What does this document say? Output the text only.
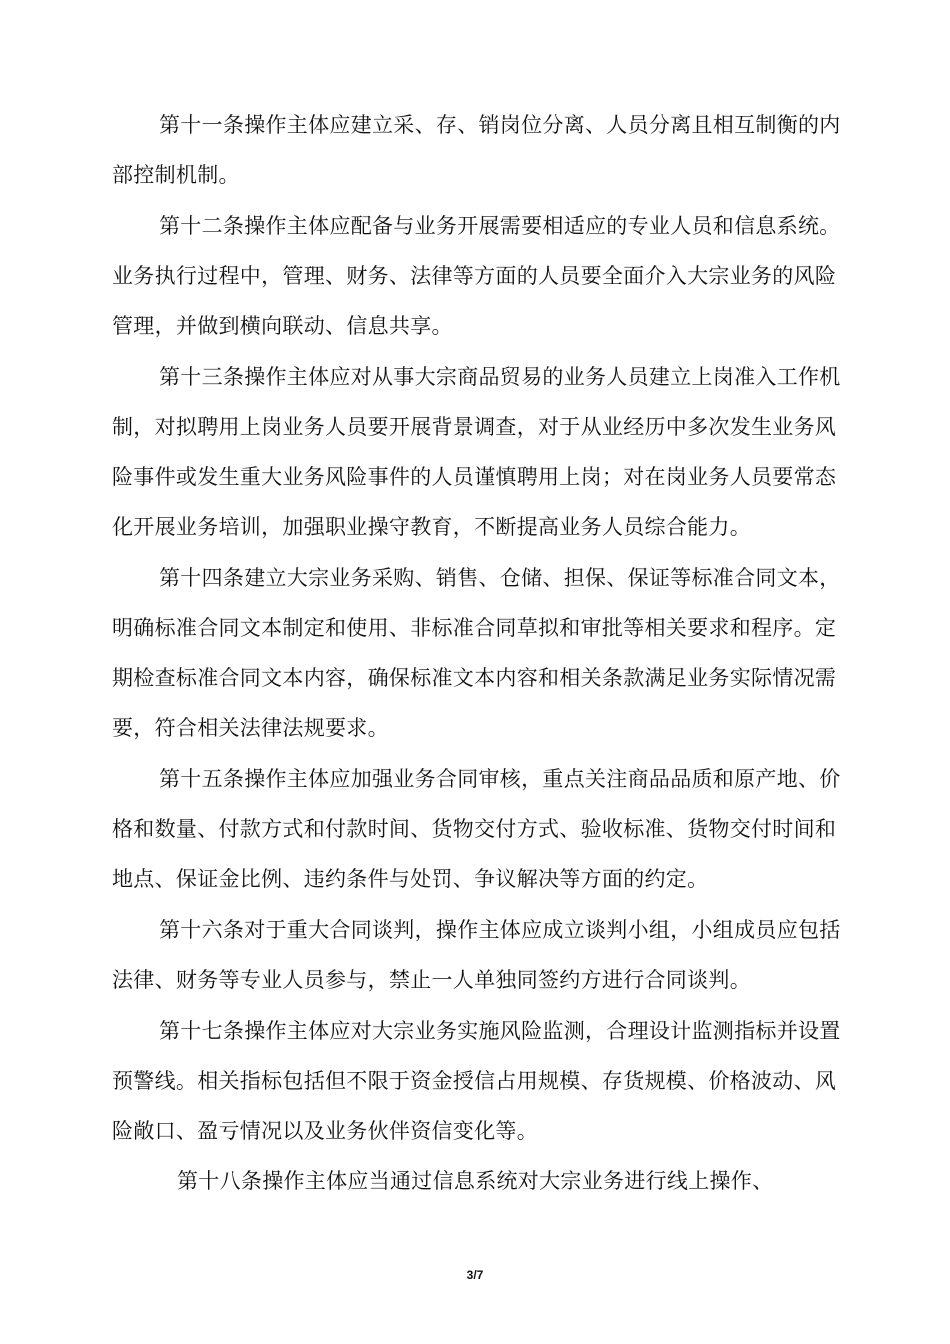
第十一条操作主体应建立采、存、销岗位分离、人员分离且相互制衡的内
部控制机制。
第十二条操作主体应配备与业务开展需要相适应的专业人员和信息系统。
业务执行过程中，管理、财务、法律等方面的人员要全面介入大宗业务的风险
管理，并做到横向联动、信息共享。
第十三条操作主体应对从事大宗商品贸易的业务人员建立上岗准入工作机
制，对拟聘用上岗业务人员要开展背景调查，对于从业经历中多次发生业务风
险事件或发生重大业务风险事件的人员谨慎聘用上岗；对在岗业务人员要常态
化开展业务培训，加强职业操守教育，不断提高业务人员综合能力。
第十四条建立大宗业务采购、销售、仓储、担保、保证等标准合同文本，
明确标准合同文本制定和使用、非标准合同草拟和审批等相关要求和程序。定
期检查标准合同文本内容，确保标准文本内容和相关条款满足业务实际情况需
要，符合相关法律法规要求。
第十五条操作主体应加强业务合同审核，重点关注商品品质和原产地、价
格和数量、付款方式和付款时间、货物交付方式、验收标准、货物交付时间和
地点、保证金比例、违约条件与处罚、争议解决等方面的约定。
第十六条对于重大合同谈判，操作主体应成立谈判小组，小组成员应包括
法律、财务等专业人员参与，禁止一人单独同签约方进行合同谈判。
第十七条操作主体应对大宗业务实施风险监测，合理设计监测指标并设置
预警线。相关指标包括但不限于资金授信占用规模、存货规模、价格波动、风
险敞口、盈亏情况以及业务伙伴资信变化等。
第十八条操作主体应当通过信息系统对大宗业务进行线上操作、
3/7
